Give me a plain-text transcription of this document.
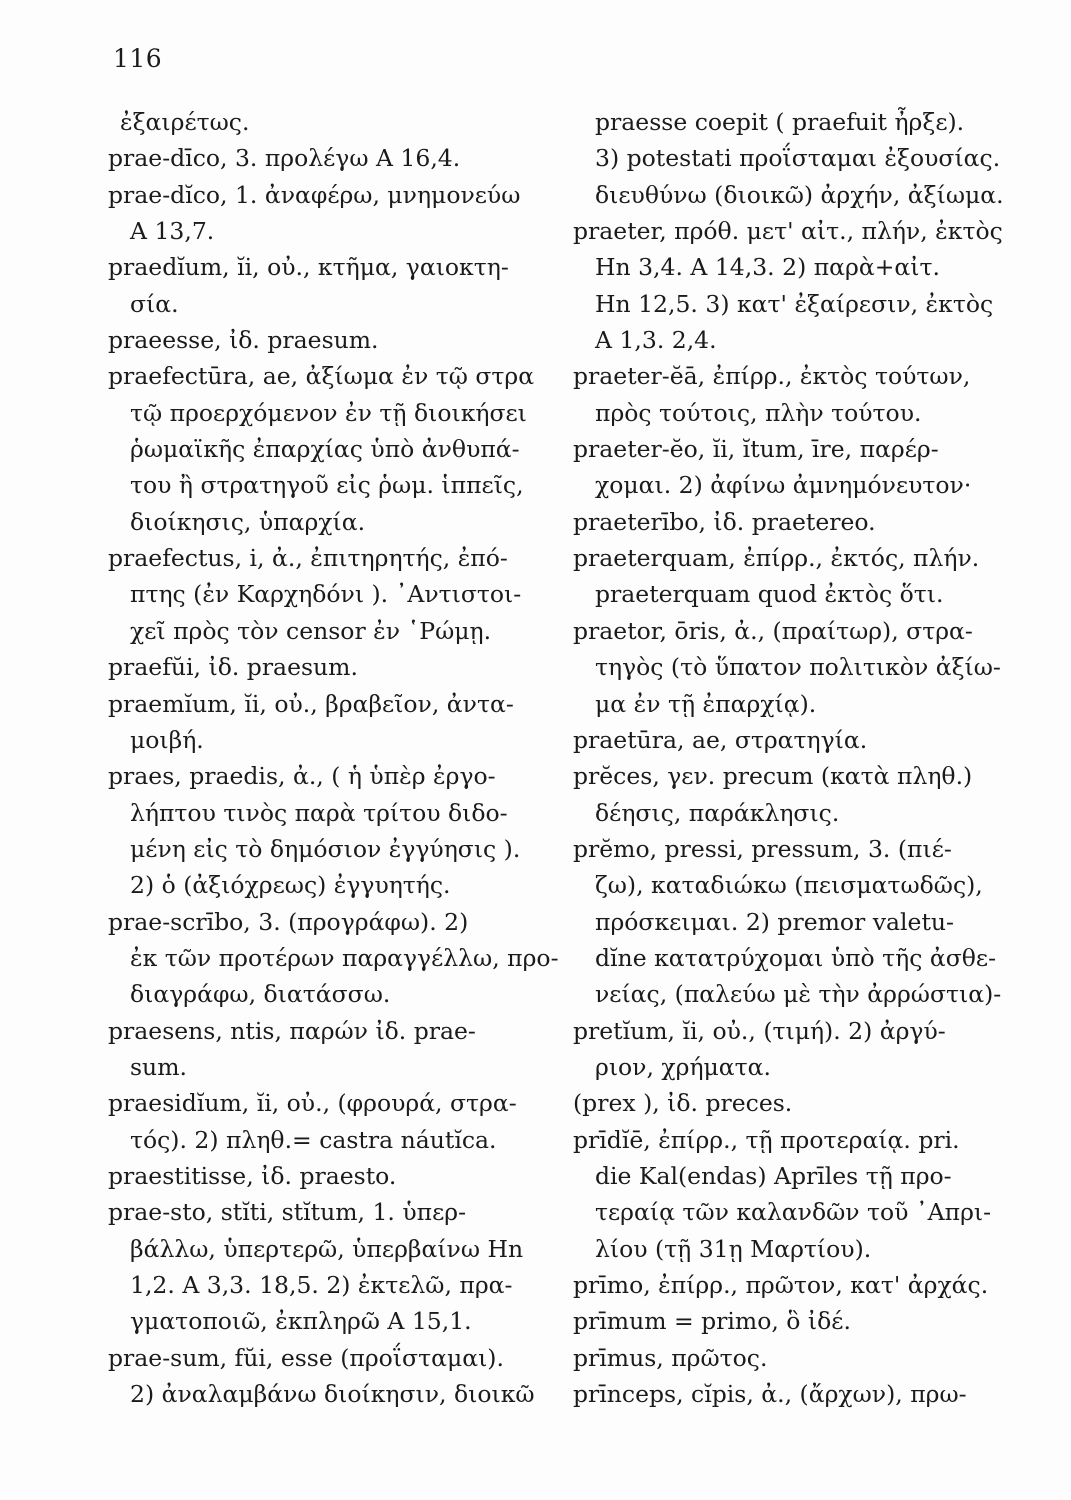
116
ἐξαιρέτως.
prae-dīco, 3. προλέγω A 16,4.
prae-dĭco, 1. ἀναφέρω, μνημονεύω
A 13,7.
praedĭum, ĭi, οὐ., κτῆμα, γαιοκτη-
σία.
praeesse, ἰδ. praesum.
praefectūra, ae, ἀξίωμα ἐν τῷ στρα
τῷ προερχόμενον ἐν τῇ διοικήσει
ῥωμαϊκῆς ἐπαρχίας ὑπὸ ἀνθυπά-
του ἢ στρατηγοῦ εἰς ῥωμ. ἱππεῖς,
διοίκησις, ὑπαρχία.
praefectus, i, ἀ., ἐπιτηρητής, ἐπό-
πτης (ἐν Καρχηδόνι ). ᾿Αντιστοι-
χεῖ πρὸς τὸν censor ἐν ῾Ρώμῃ.
praefŭi, ἰδ. praesum.
praemĭum, ĭi, οὐ., βραβεῖον, ἀντα-
μοιβή.
praes, praedis, ἀ., ( ἡ ὑπὲρ ἐργο-
λήπτου τινὸς παρὰ τρίτου διδο-
μένη εἰς τὸ δημόσιον ἐγγύησις ).
2) ὁ (ἀξιόχρεως) ἐγγυητής.
prae-scrībo, 3. (προγράφω). 2)
ἐκ τῶν προτέρων παραγγέλλω, προ-
διαγράφω, διατάσσω.
praesens, ntis, παρών ἰδ. prae-
sum.
praesidĭum, ĭi, οὐ., (φρουρά, στρα-
τός). 2) πληθ.= castra náutĭca.
praestitisse, ἰδ. praesto.
prae-sto, stĭti, stĭtum, 1. ὑπερ-
βάλλω, ὑπερτερῶ, ὑπερβαίνω Hn
1,2. A 3,3. 18,5. 2) ἐκτελῶ, πρα-
γματοποιῶ, ἐκπληρῶ A 15,1.
prae-sum, fŭi, esse (προΐσταμαι).
2) ἀναλαμβάνω διοίκησιν, διοικῶ
praesse coepit ( praefuit ἦρξε).
3) potestati προΐσταμαι ἐξουσίας.
διευθύνω (διοικῶ) ἀρχήν, ἀξίωμα.
praeter, πρόθ. μετ' αἰτ., πλήν, ἐκτὸς
Hn 3,4. A 14,3. 2) παρὰ+αἰτ.
Hn 12,5. 3) κατ' ἐξαίρεσιν, ἐκτὸς
A 1,3. 2,4.
praeter-ĕā, ἐπίρρ., ἐκτὸς τούτων,
πρὸς τούτοις, πλὴν τούτου.
praeter-ĕo, ĭi, ĭtum, īre, παρέρ-
χομαι. 2) ἀφίνω ἀμνημόνευτον·
praeterībo, ἰδ. praetereo.
praeterquam, ἐπίρρ., ἐκτός, πλήν.
praeterquam quod ἐκτὸς ὅτι.
praetor, ōris, ἀ., (πραίτωρ), στρα-
τηγὸς (τὸ ὕπατον πολιτικὸν ἀξίω-
μα ἐν τῇ ἐπαρχίᾳ).
praetūra, ae, στρατηγία.
prĕces, γεν. precum (κατὰ πληθ.)
δέησις, παράκλησις.
prĕmo, pressi, pressum, 3. (πιέ-
ζω), καταδιώκω (πεισματωδῶς),
πρόσκειμαι. 2) premor valetu-
dĭne κατατρύχομαι ὑπὸ τῆς ἀσθε-
νείας, (παλεύω μὲ τὴν ἀρρώστια)-
pretĭum, ĭi, οὐ., (τιμή). 2) ἀργύ-
ριον, χρήματα.
(prex ), ἰδ. preces.
prīdĭē, ἐπίρρ., τῇ προτεραίᾳ. pri.
die Kal(endas) Aprīles τῇ προ-
τεραίᾳ τῶν καλανδῶν τοῦ ᾿Απρι-
λίου (τῇ 31ῃ Μαρτίου).
prīmo, ἐπίρρ., πρῶτον, κατ' ἀρχάς.
prīmum = primo, ὃ ἰδέ.
prīmus, πρῶτος.
prīnceps, cĭpis, ἀ., (ἄρχων), πρω-
